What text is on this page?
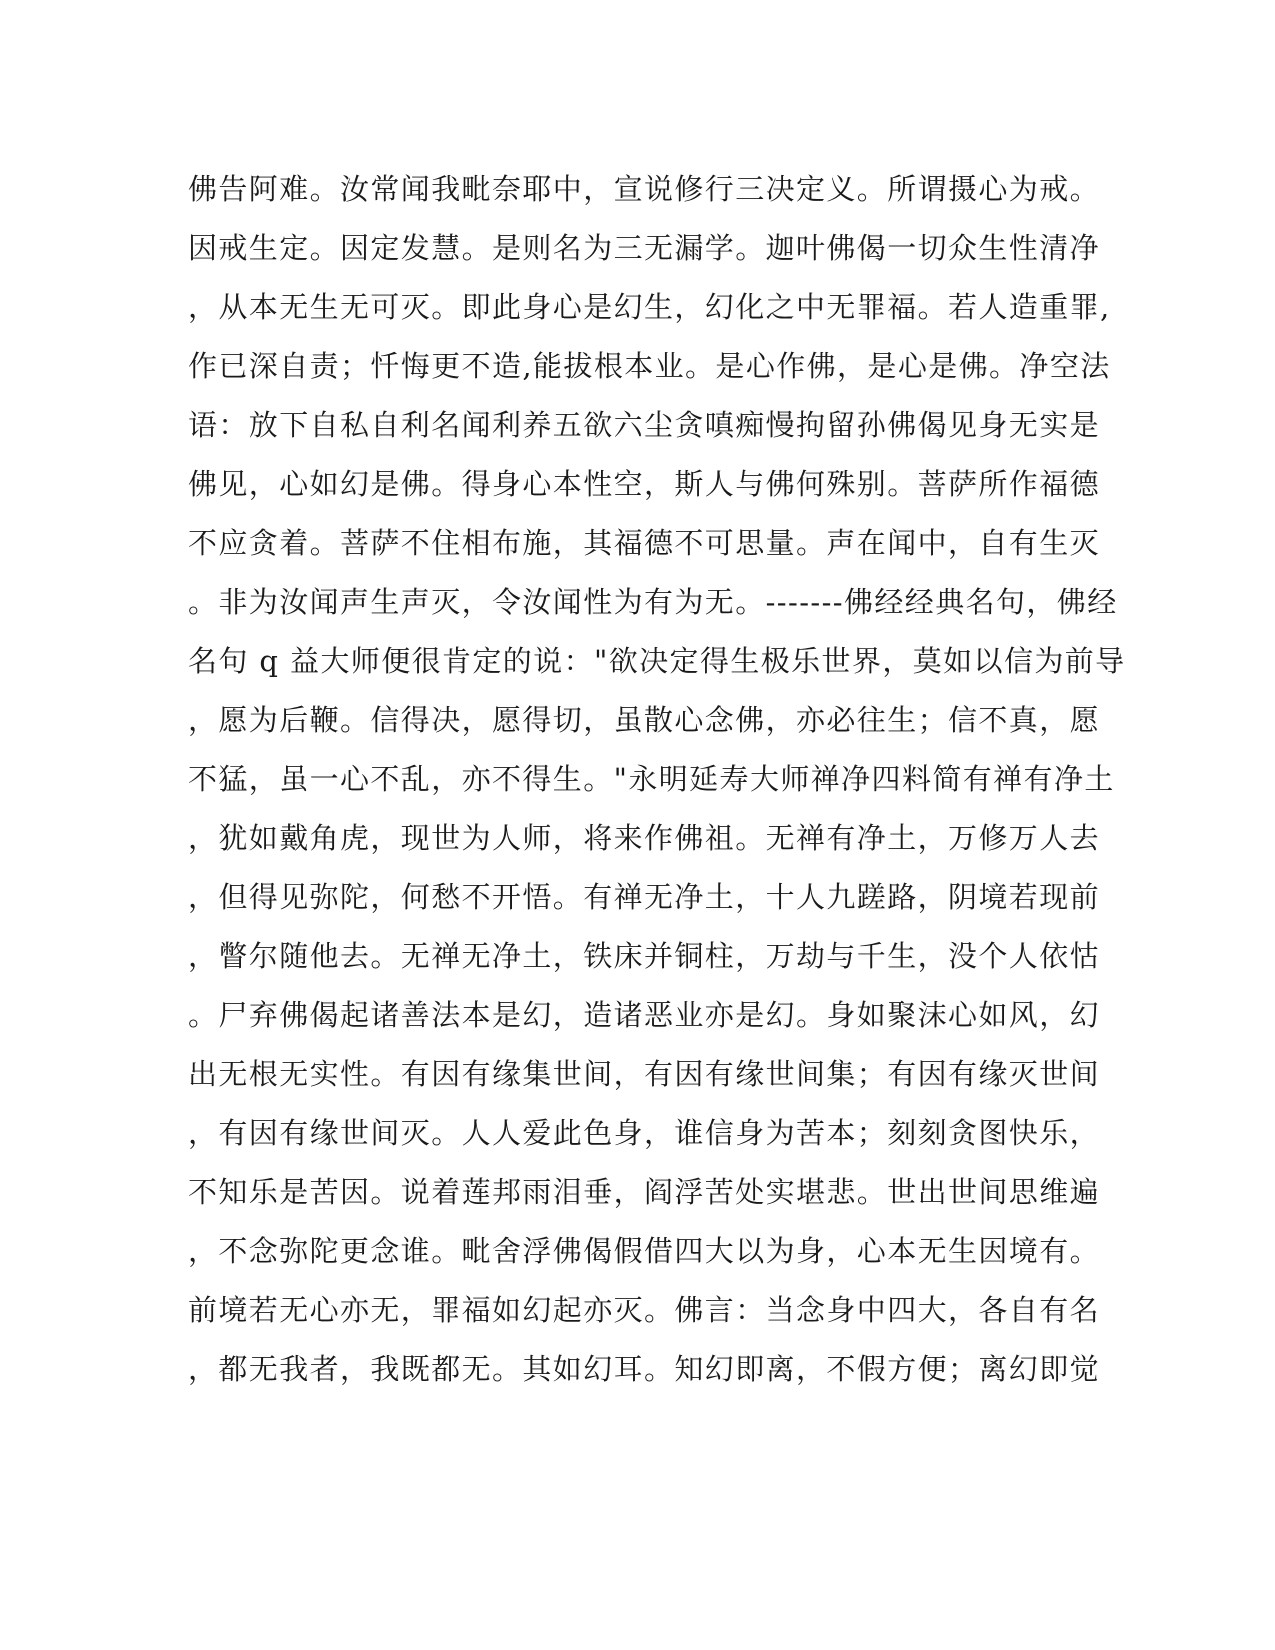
佛告阿难。汝常闻我毗奈耶中，宣说修行三决定义。所谓摄心为戒。
因戒生定。因定发慧。是则名为三无漏学。迦叶佛偈一切众生性清净
，从本无生无可灭。即此身心是幻生，幻化之中无罪福。若人造重罪,
作已深自责；忏悔更不造,能拔根本业。是心作佛，是心是佛。净空法
语：放下自私自利名闻利养五欲六尘贪嗔痴慢拘留孙佛偈见身无实是
佛见，心如幻是佛。得身心本性空，斯人与佛何殊别。菩萨所作福德
不应贪着。菩萨不住相布施，其福德不可思量。声在闻中，自有生灭
。非为汝闻声生声灭，令汝闻性为有为无。-------佛经经典名句，佛经
名句 q 益大师便很肯定的说："欲决定得生极乐世界，莫如以信为前导
，愿为后鞭。信得决，愿得切，虽散心念佛，亦必往生；信不真，愿
不猛，虽一心不乱，亦不得生。"永明延寿大师禅净四料简有禅有净土
，犹如戴角虎，现世为人师，将来作佛祖。无禅有净土，万修万人去
，但得见弥陀，何愁不开悟。有禅无净土，十人九蹉路，阴境若现前
，瞥尔随他去。无禅无净土，铁床并铜柱，万劫与千生，没个人依怙
。尸弃佛偈起诸善法本是幻，造诸恶业亦是幻。身如聚沫心如风，幻
出无根无实性。有因有缘集世间，有因有缘世间集；有因有缘灭世间
，有因有缘世间灭。人人爱此色身，谁信身为苦本；刻刻贪图快乐，
不知乐是苦因。说着莲邦雨泪垂，阎浮苦处实堪悲。世出世间思维遍
，不念弥陀更念谁。毗舍浮佛偈假借四大以为身，心本无生因境有。
前境若无心亦无，罪福如幻起亦灭。佛言：当念身中四大，各自有名
，都无我者，我既都无。其如幻耳。知幻即离，不假方便；离幻即觉
